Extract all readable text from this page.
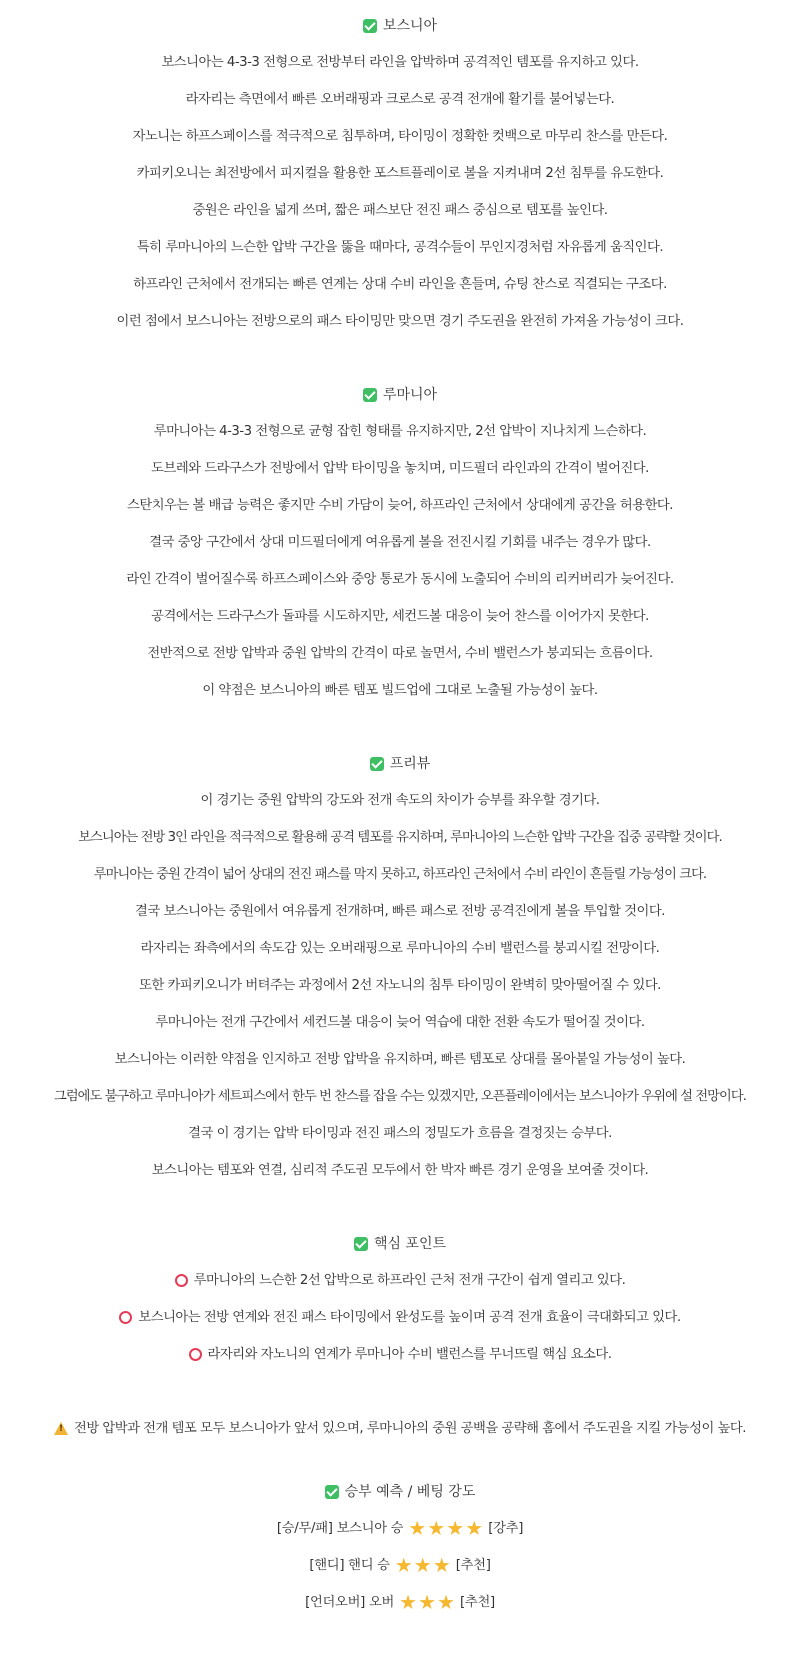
보스니아

보스니아는 4-3-3 전형으로 전방부터 라인을 압박하며 공격적인 템포를 유지하고 있다.

라자리는 측면에서 빠른 오버래핑과 크로스로 공격 전개에 활기를 불어넣는다.

자노니는 하프스페이스를 적극적으로 침투하며, 타이밍이 정확한 컷백으로 마무리 찬스를 만든다.

카피키오니는 최전방에서 피지컬을 활용한 포스트플레이로 볼을 지켜내며 2선 침투를 유도한다.

중원은 라인을 넓게 쓰며, 짧은 패스보단 전진 패스 중심으로 템포를 높인다.

특히 루마니아의 느슨한 압박 구간을 뚫을 때마다, 공격수들이 무인지경처럼 자유롭게 움직인다.

하프라인 근처에서 전개되는 빠른 연계는 상대 수비 라인을 흔들며, 슈팅 찬스로 직결되는 구조다.

이런 점에서 보스니아는 전방으로의 패스 타이밍만 맞으면 경기 주도권을 완전히 가져올 가능성이 크다.

루마니아

루마니아는 4-3-3 전형으로 균형 잡힌 형태를 유지하지만, 2선 압박이 지나치게 느슨하다.

도브레와 드라구스가 전방에서 압박 타이밍을 놓치며, 미드필더 라인과의 간격이 벌어진다.

스탄치우는 볼 배급 능력은 좋지만 수비 가담이 늦어, 하프라인 근처에서 상대에게 공간을 허용한다.

결국 중앙 구간에서 상대 미드필더에게 여유롭게 볼을 전진시킬 기회를 내주는 경우가 많다.

라인 간격이 벌어질수록 하프스페이스와 중앙 통로가 동시에 노출되어 수비의 리커버리가 늦어진다.

공격에서는 드라구스가 돌파를 시도하지만, 세컨드볼 대응이 늦어 찬스를 이어가지 못한다.

전반적으로 전방 압박과 중원 압박의 간격이 따로 놀면서, 수비 밸런스가 붕괴되는 흐름이다.

이 약점은 보스니아의 빠른 템포 빌드업에 그대로 노출될 가능성이 높다.

프리뷰

이 경기는 중원 압박의 강도와 전개 속도의 차이가 승부를 좌우할 경기다.

보스니아는 전방 3인 라인을 적극적으로 활용해 공격 템포를 유지하며, 루마니아의 느슨한 압박 구간을 집중 공략할 것이다.

루마니아는 중원 간격이 넓어 상대의 전진 패스를 막지 못하고, 하프라인 근처에서 수비 라인이 흔들릴 가능성이 크다.

결국 보스니아는 중원에서 여유롭게 전개하며, 빠른 패스로 전방 공격진에게 볼을 투입할 것이다.

라자리는 좌측에서의 속도감 있는 오버래핑으로 루마니아의 수비 밸런스를 붕괴시킬 전망이다.

또한 카피키오니가 버텨주는 과정에서 2선 자노니의 침투 타이밍이 완벽히 맞아떨어질 수 있다.

루마니아는 전개 구간에서 세컨드볼 대응이 늦어 역습에 대한 전환 속도가 떨어질 것이다.

보스니아는 이러한 약점을 인지하고 전방 압박을 유지하며, 빠른 템포로 상대를 몰아붙일 가능성이 높다.

그럼에도 불구하고 루마니아가 세트피스에서 한두 번 찬스를 잡을 수는 있겠지만, 오픈플레이에서는 보스니아가 우위에 설 전망이다.

결국 이 경기는 압박 타이밍과 전진 패스의 정밀도가 흐름을 결정짓는 승부다.

보스니아는 템포와 연결, 심리적 주도권 모두에서 한 박자 빠른 경기 운영을 보여줄 것이다.

핵심 포인트
루마니아의 느슨한 2선 압박으로 하프라인 근처 전개 구간이 쉽게 열리고 있다.
보스니아는 전방 연계와 전진 패스 타이밍에서 완성도를 높이며 공격 전개 효율이 극대화되고 있다.
라자리와 자노니의 연계가 루마니아 수비 밸런스를 무너뜨릴 핵심 요소다.
!
전방 압박과 전개 템포 모두 보스니아가 앞서 있으며, 루마니아의 중원 공백을 공략해 홈에서 주도권을 지킬 가능성이 높다.
승부 예측 / 베팅 강도
[승/무/패] 보스니아 승	[강추]
[핸디] 핸디 승	[추천]
[언더오버] 오버	[추천]
